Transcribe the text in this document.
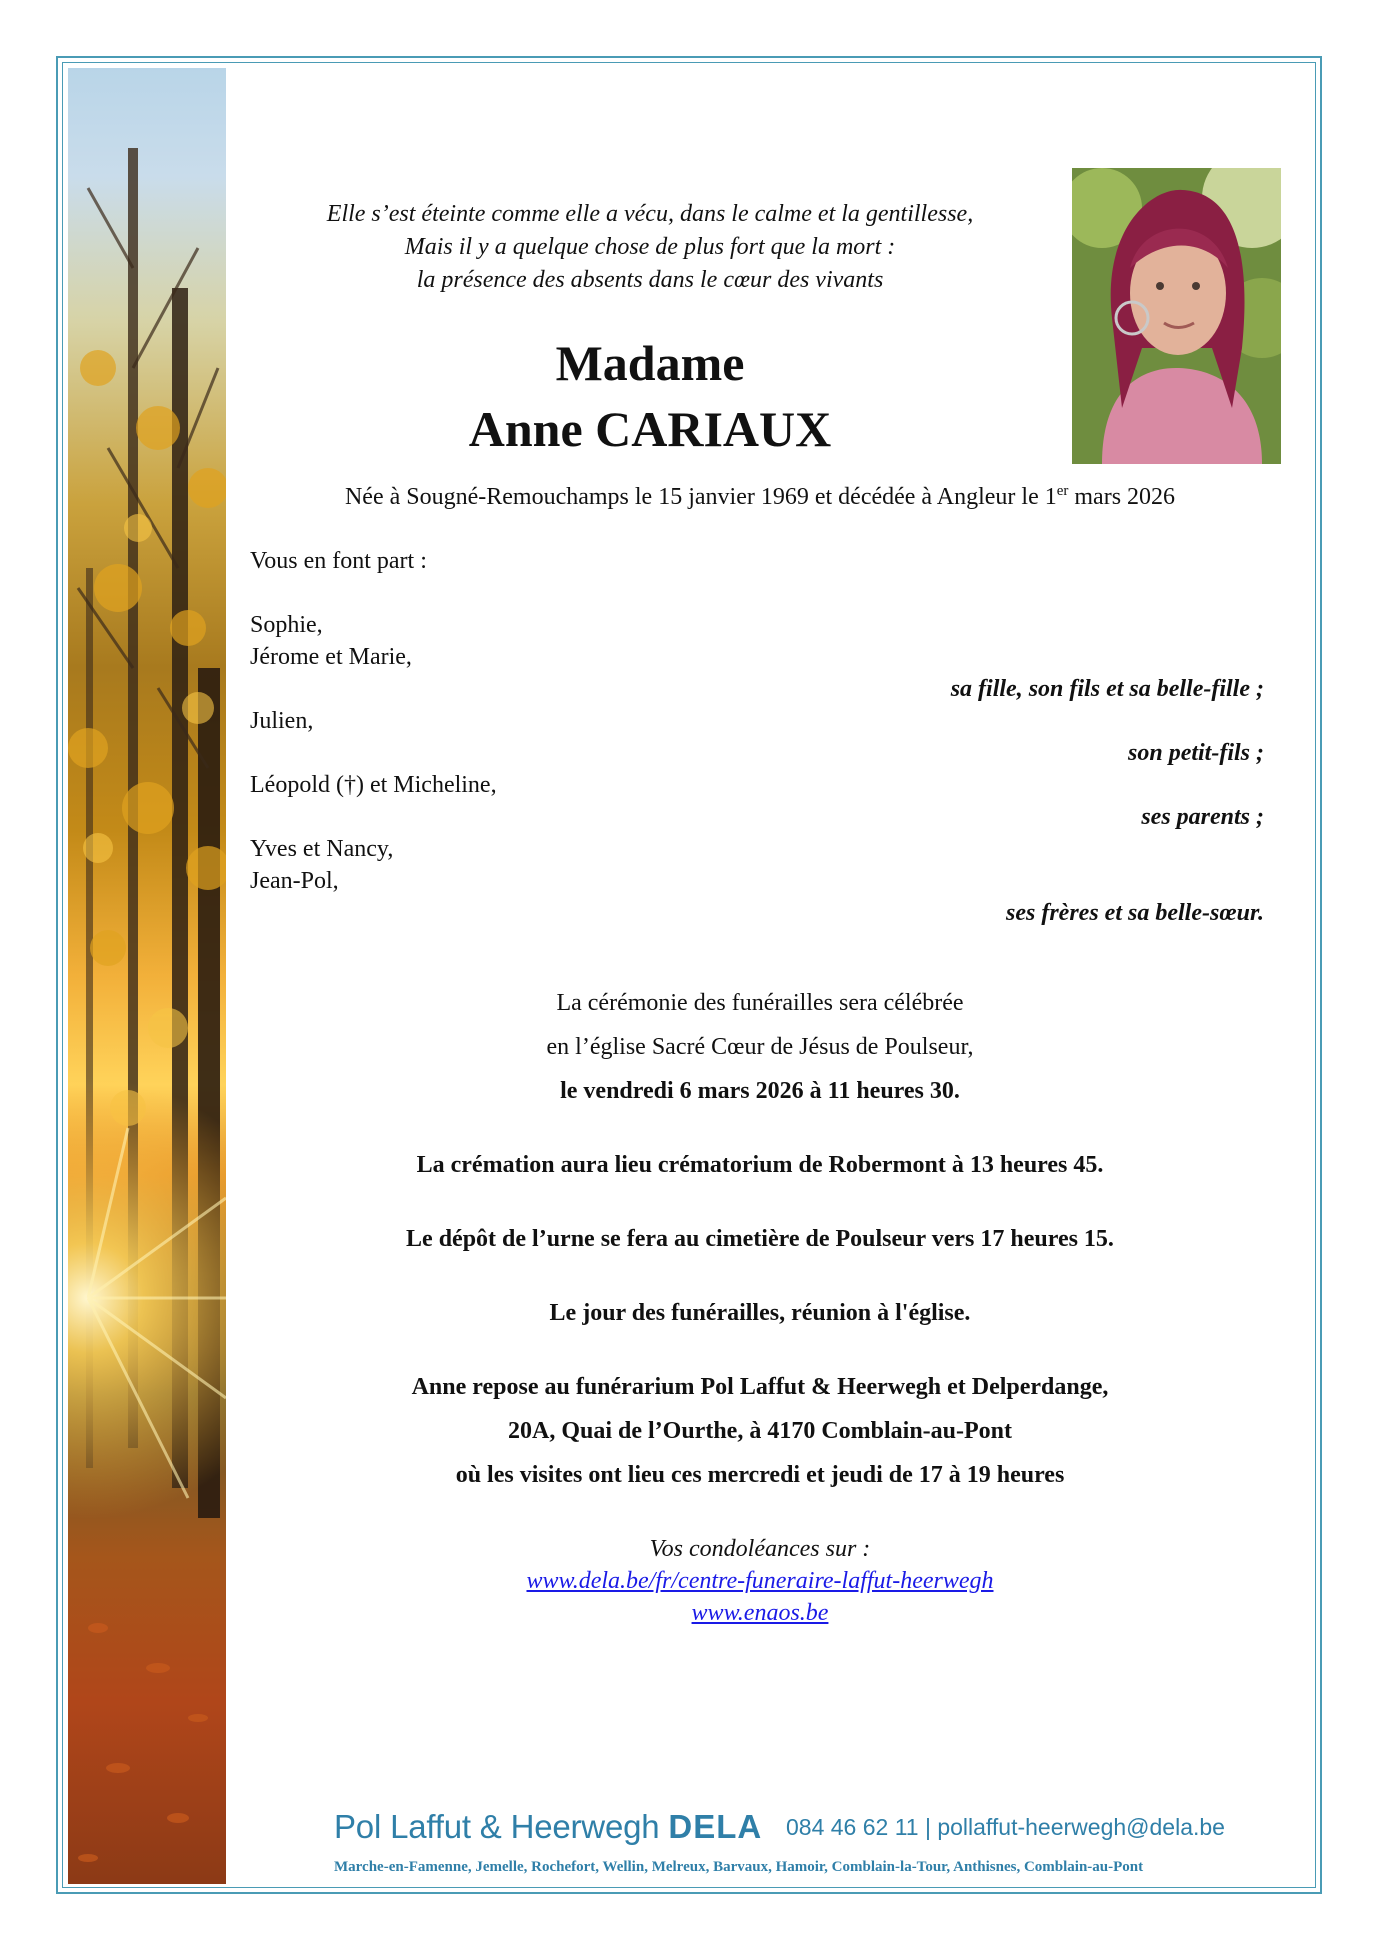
Elle s’est éteinte comme elle a vécu, dans le calme et la gentillesse,
Mais il y a quelque chose de plus fort que la mort :
la présence des absents dans le cœur des vivants
Madame
Anne CARIAUX
Née à Sougné-Remouchamps le 15 janvier 1969 et décédée à Angleur le 1er mars 2026
Vous en font part :
Sophie,
Jérome et Marie,
sa fille, son fils et sa belle-fille ;
Julien,
son petit-fils ;
Léopold (†) et Micheline,
ses parents ;
Yves et Nancy,
Jean-Pol,
ses frères et sa belle-sœur.
La cérémonie des funérailles sera célébrée
en l’église Sacré Cœur de Jésus de Poulseur,
le vendredi 6 mars 2026 à 11 heures 30.
La crémation aura lieu crématorium de Robermont à 13 heures 45.
Le dépôt de l’urne se fera au cimetière de Poulseur vers 17 heures 15.
Le jour des funérailles, réunion à l'église.
Anne repose au funérarium Pol Laffut & Heerwegh et Delperdange,
20A, Quai de l’Ourthe, à 4170 Comblain-au-Pont
où les visites ont lieu ces mercredi et jeudi de 17 à 19 heures
Vos condoléances sur :
www.dela.be/fr/centre-funeraire-laffut-heerwegh
www.enaos.be
Pol Laffut & Heerwegh DELA 084 46 62 11 | pollaffut-heerwegh@dela.be
Marche-en-Famenne, Jemelle, Rochefort, Wellin, Melreux, Barvaux, Hamoir, Comblain-la-Tour, Anthisnes, Comblain-au-Pont
